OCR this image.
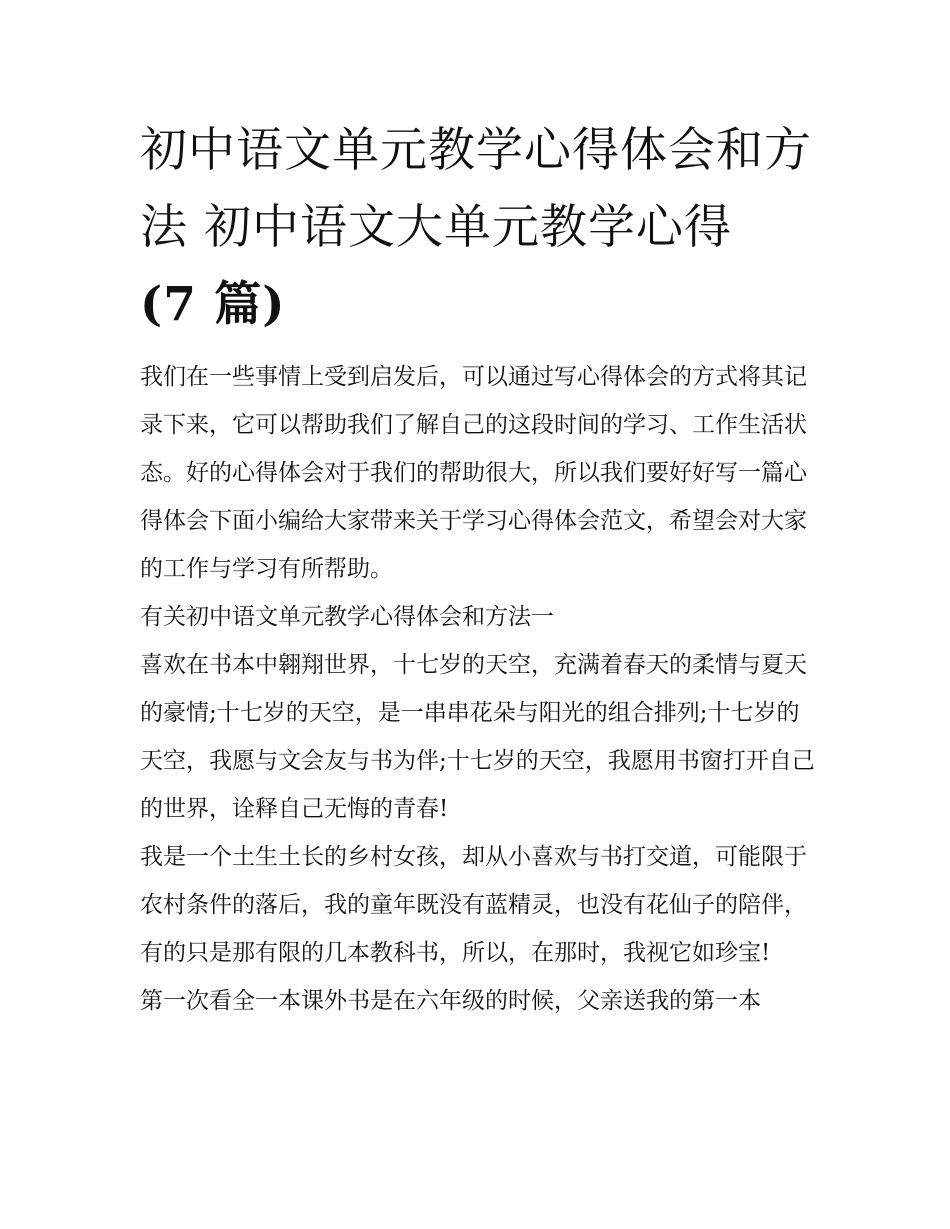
初中语文单元教学心得体会和方法 初中语文大单元教学心得
(7 篇)

我们在一些事情上受到启发后，可以通过写心得体会的方式将其记录下来，它可以帮助我们了解自己的这段时间的学习、工作生活状态。好的心得体会对于我们的帮助很大，所以我们要好好写一篇心得体会下面小编给大家带来关于学习心得体会范文，希望会对大家的工作与学习有所帮助。

有关初中语文单元教学心得体会和方法一

喜欢在书本中翱翔世界，十七岁的天空，充满着春天的柔情与夏天的豪情;十七岁的天空，是一串串花朵与阳光的组合排列;十七岁的天空，我愿与文会友与书为伴;十七岁的天空，我愿用书窗打开自己的世界，诠释自己无悔的青春!

我是一个土生土长的乡村女孩，却从小喜欢与书打交道，可能限于农村条件的落后，我的童年既没有蓝精灵，也没有花仙子的陪伴，有的只是那有限的几本教科书，所以，在那时，我视它如珍宝!

第一次看全一本课外书是在六年级的时候，父亲送我的第一本
